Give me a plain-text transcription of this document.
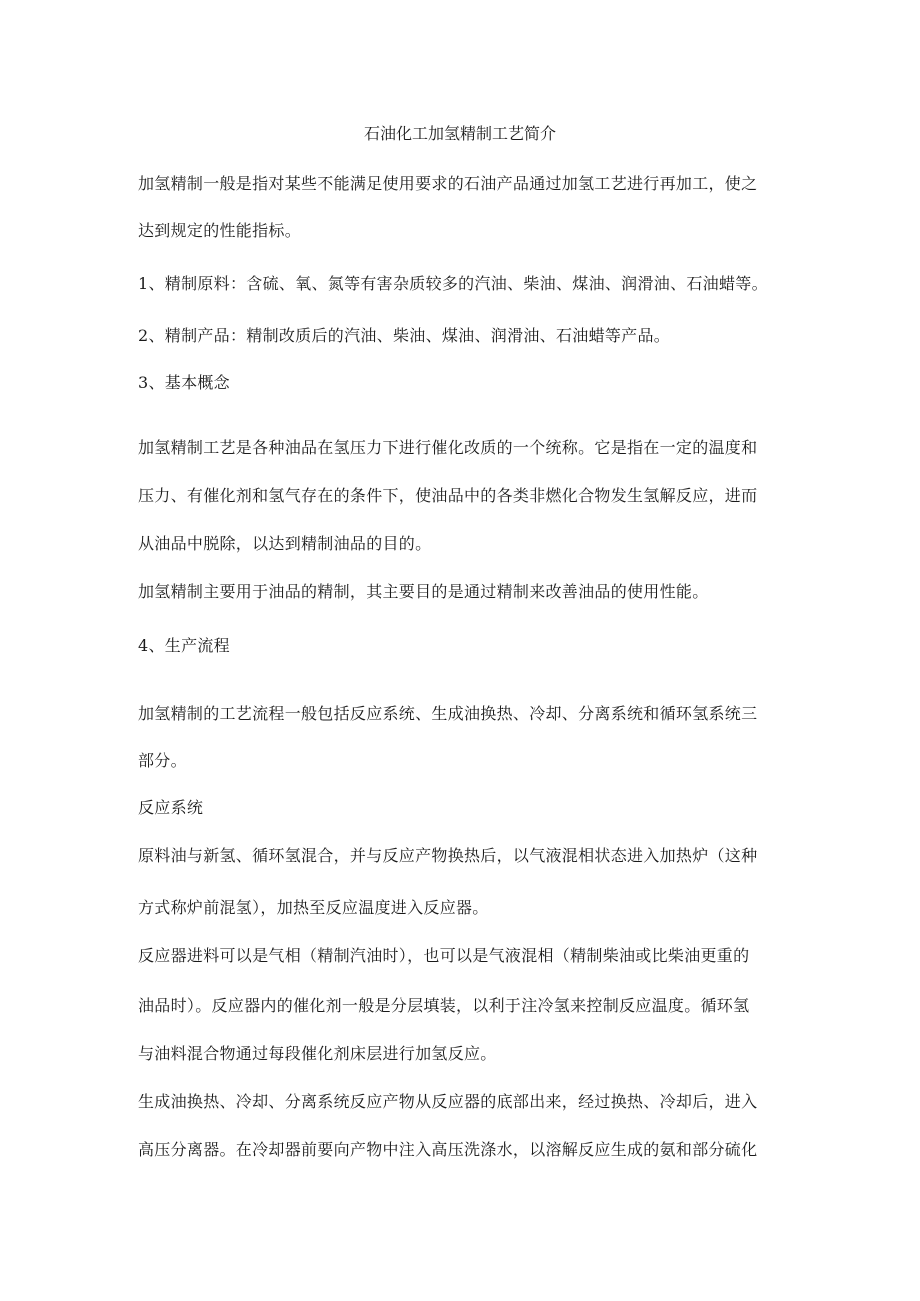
石油化工加氢精制工艺简介
加氢精制一般是指对某些不能满足使用要求的石油产品通过加氢工艺进行再加工，使之
达到规定的性能指标。
1、精制原料：含硫、氧、氮等有害杂质较多的汽油、柴油、煤油、润滑油、石油蜡等。
2、精制产品：精制改质后的汽油、柴油、煤油、润滑油、石油蜡等产品。
3、基本概念
加氢精制工艺是各种油品在氢压力下进行催化改质的一个统称。它是指在一定的温度和
压力、有催化剂和氢气存在的条件下，使油品中的各类非燃化合物发生氢解反应，进而
从油品中脱除，以达到精制油品的目的。
加氢精制主要用于油品的精制，其主要目的是通过精制来改善油品的使用性能。
4、生产流程
加氢精制的工艺流程一般包括反应系统、生成油换热、冷却、分离系统和循环氢系统三
部分。
反应系统
原料油与新氢、循环氢混合，并与反应产物换热后，以气液混相状态进入加热炉（这种
方式称炉前混氢），加热至反应温度进入反应器。
反应器进料可以是气相（精制汽油时），也可以是气液混相（精制柴油或比柴油更重的
油品时）。反应器内的催化剂一般是分层填装，以利于注冷氢来控制反应温度。循环氢
与油料混合物通过每段催化剂床层进行加氢反应。
生成油换热、冷却、分离系统反应产物从反应器的底部出来，经过换热、冷却后，进入
高压分离器。在冷却器前要向产物中注入高压洗涤水，以溶解反应生成的氨和部分硫化
